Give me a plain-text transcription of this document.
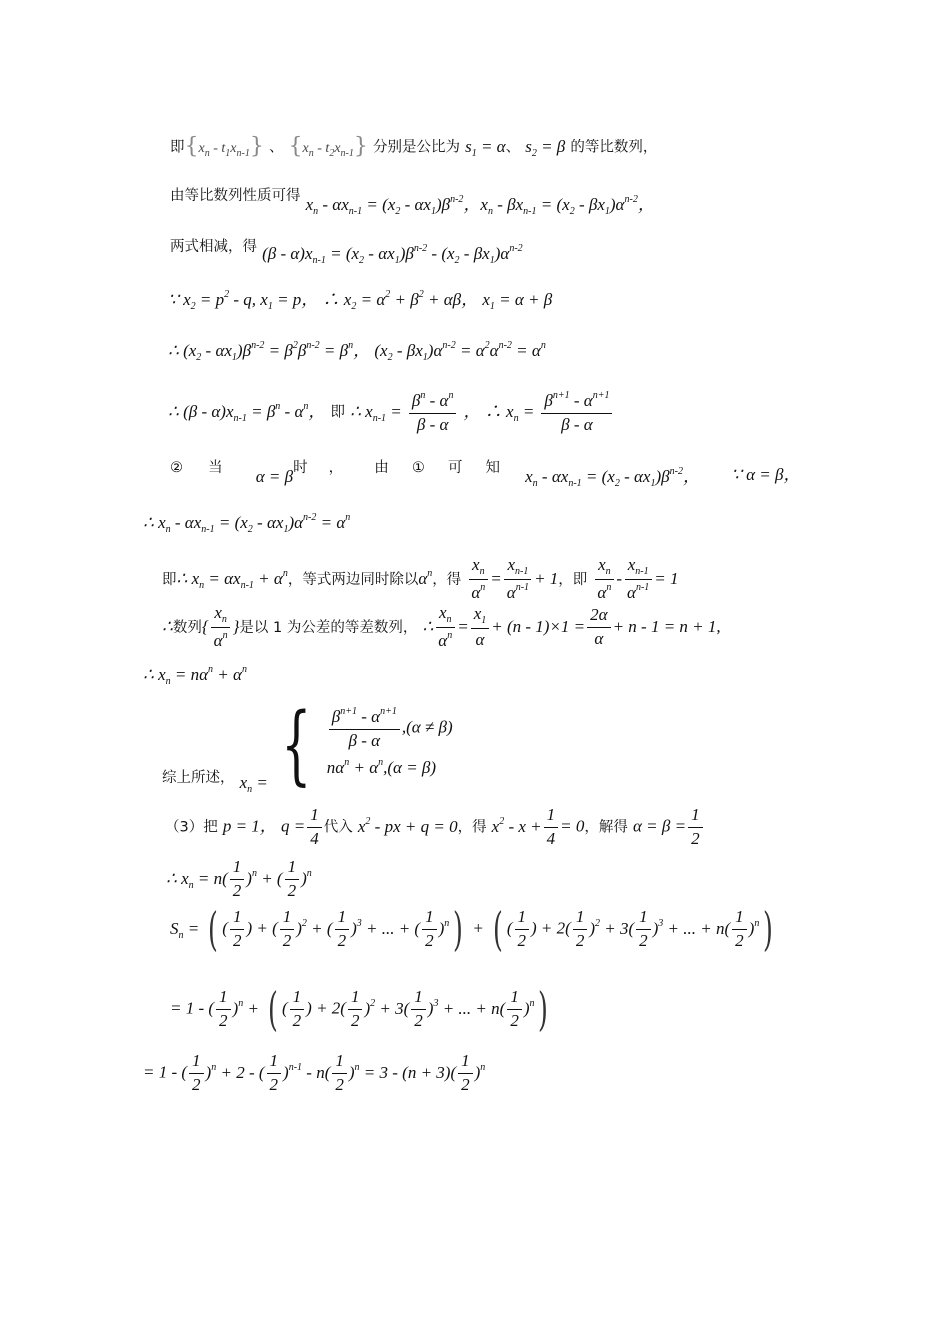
即$\{x_n - t_1x_{n-1}\}$ 、 $\{x_n - t_2x_{n-1}\}$ 分别是公比为 $s_1 = \alpha$、 $s_2 = \beta$ 的等比数列，
由等比数列性质可得 $x_n - \alpha x_{n-1} = (x_2 - \alpha x_1)\beta^{n-2}$，$x_n - \beta x_{n-1} = (x_2 - \beta x_1)\alpha^{n-2}$，
两式相减，得 $(\beta - \alpha)x_{n-1} = (x_2 - \alpha x_1)\beta^{n-2} - (x_2 - \beta x_1)\alpha^{n-2}$
∵ $x_2 = p^2 - q$, $x_1 = p$， ∴ $x_2 = \alpha^2 + \beta^2 + \alpha\beta$， $x_1 = \alpha + \beta$
∴ $(x_2 - \alpha x_1)\beta^{n-2} = \beta^2\beta^{n-2} = \beta^n$， $(x_2 - \beta x_1)\alpha^{n-2} = \alpha^2\alpha^{n-2} = \alpha^n$
∴ $(\beta - \alpha)x_{n-1} = \beta^n - \alpha^n$， 即 ∴ $x_{n-1} = \frac{\beta^n - \alpha^n}{\beta - \alpha}$ ， ∴ $x_n = \frac{\beta^{n+1} - \alpha^{n+1}}{\beta - \alpha}$
② 当 α = β时 ， 由 ① 可 知 $x_n - \alpha x_{n-1} = (x_2 - \alpha x_1)\beta^{n-2}$， ∵ α = β，
∴ $x_n - \alpha x_{n-1} = (x_2 - \alpha x_1)\alpha^{n-2} = \alpha^n$
即∴ $x_n = \alpha x_{n-1} + \alpha^n$，等式两边同时除以$\alpha^n$，得 $\frac{x_n}{\alpha^n} = \frac{x_{n-1}}{\alpha^{n-1}} + 1$，即 $\frac{x_n}{\alpha^n} - \frac{x_{n-1}}{\alpha^{n-1}} = 1$
∴数列{ $\frac{x_n}{\alpha^n}$ }是以 1 为公差的等差数列， ∴ $\frac{x_n}{\alpha^n} = \frac{x_1}{\alpha} + (n - 1)\times 1 = \frac{2\alpha}{\alpha} + n - 1 = n + 1$,
∴ $x_n = n\alpha^n + \alpha^n$
综上所述， $x_n$ = { $\frac{\beta^{n+1} - \alpha^{n+1}}{\beta - \alpha} ,(\alpha \ne \beta)$
$n\alpha^n + \alpha^n,(\alpha = \beta)$
（3）把 p = 1， $q = \frac{1}{4}$ 代入 $x^2$ - px + q = 0，得 $x^2 - x + \frac{1}{4} = 0$，解得 $\alpha = \beta = \frac{1}{2}$
∴ $x_n = n( \frac{1}{2} )^n$ + ( $\frac{1}{2} )^n$
$S_n$ = ( ( $\frac{1}{2}$ ) + ( $\frac{1}{2} )^2$ + ( $\frac{1}{2} )^3$ + ... + ( $\frac{1}{2} )^n$) + ( ( $\frac{1}{2}$ ) + $2( \frac{1}{2} )^2 + 3( \frac{1}{2} )^3$ + ... + $n( \frac{1}{2} )^n$)
= 1 - ( $\frac{1}{2} )^n$ + ( ( $\frac{1}{2}$ ) + $2( \frac{1}{2} )^2 + 3( \frac{1}{2} )^3$ + ... + $n( \frac{1}{2} )^n$)
= 1 - ( $\frac{1}{2} )^n + 2$ - ( $\frac{1}{2} )^{n-1} - n( \frac{1}{2} )^n = 3 - (n + 3)( \frac{1}{2} )^n$
